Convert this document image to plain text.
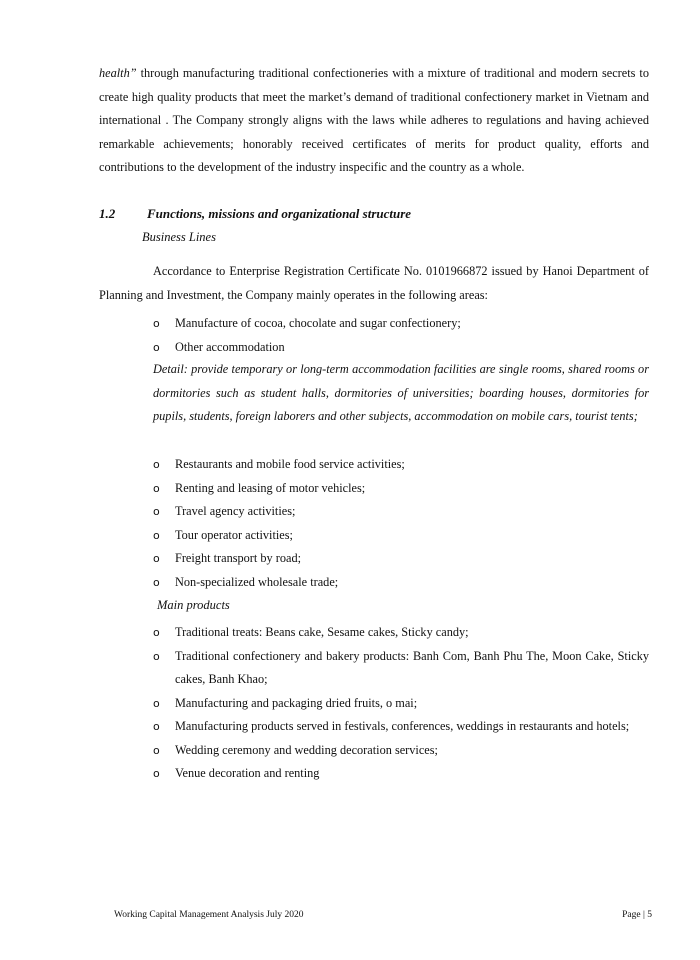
health” through manufacturing traditional confectioneries with a mixture of traditional and modern secrets to create high quality products that meet the market’s demand of traditional confectionery market in Vietnam and international . The Company strongly aligns with the laws while adheres to regulations and having achieved remarkable achievements; honorably received certificates of merits for product quality, efforts and contributions to the development of the industry inspecific and the country as a whole.

1.2 Functions, missions and organizational structure
Business Lines

Accordance to Enterprise Registration Certificate No. 0101966872 issued by Hanoi Department of Planning and Investment, the Company mainly operates in the following areas:

o Manufacture of cocoa, chocolate and sugar confectionery;
o Other accommodation

Detail: provide temporary or long-term accommodation facilities are single rooms, shared rooms or dormitories such as student halls, dormitories of universities; boarding houses, dormitories for pupils, students, foreign laborers and other subjects, accommodation on mobile cars, tourist tents;

o Restaurants and mobile food service activities;
o Renting and leasing of motor vehicles;
o Travel agency activities;
o Tour operator activities;
o Freight transport by road;
o Non-specialized wholesale trade;
Main products
o Traditional treats: Beans cake, Sesame cakes, Sticky candy;
o Traditional confectionery and bakery products: Banh Com, Banh Phu The, Moon Cake, Sticky cakes, Banh Khao;
o Manufacturing and packaging dried fruits, o mai;
o Manufacturing products served in festivals, conferences, weddings in restaurants and hotels;
o Wedding ceremony and wedding decoration services;
o Venue decoration and renting
Working Capital Management Analysis July 2020	Page | 5
